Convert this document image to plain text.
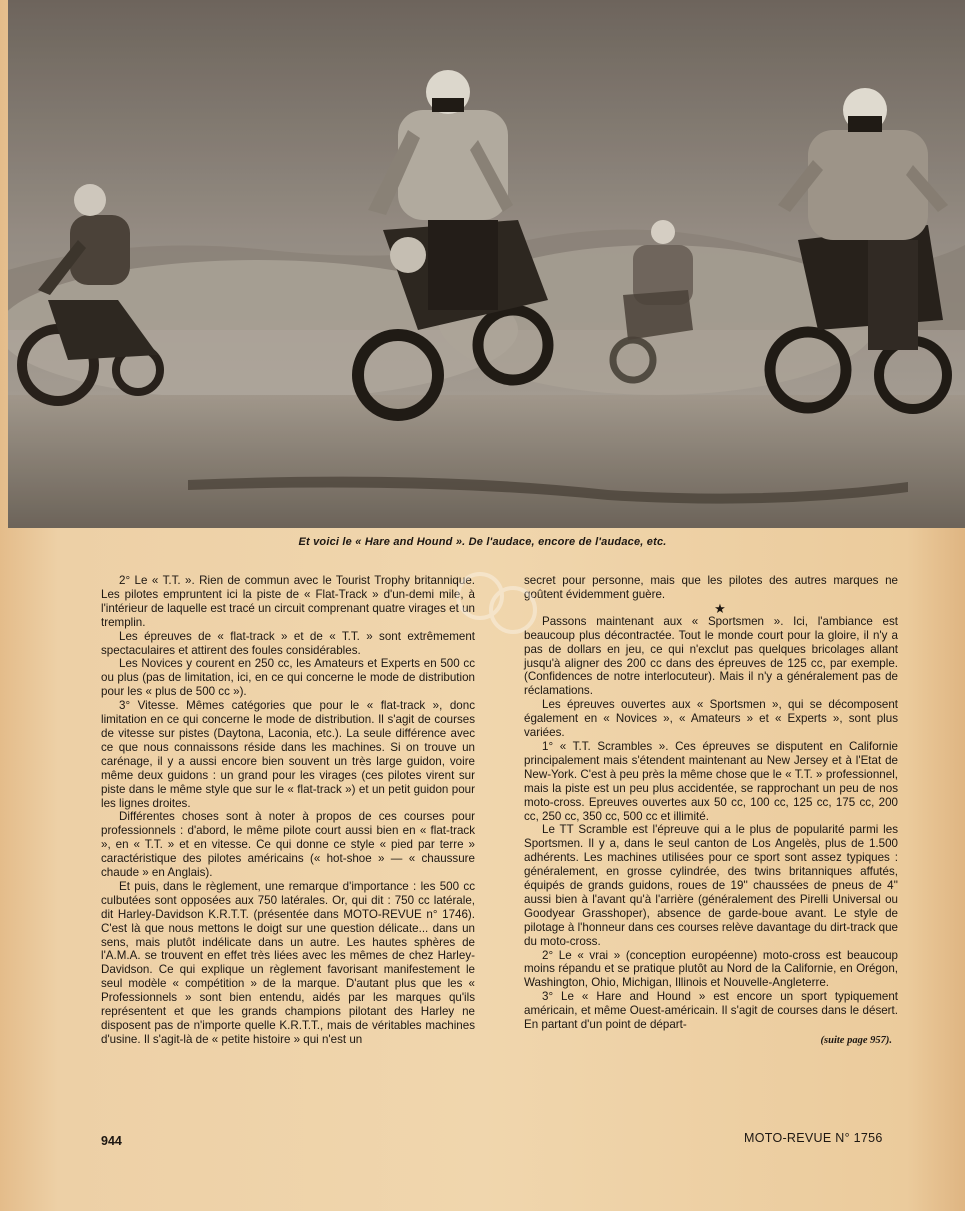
Et voici le « Hare and Hound ». De l'audace, encore de l'audace, etc.

2° Le « T.T. ». Rien de commun avec le Tourist Trophy britannique. Les pilotes empruntent ici la piste de « Flat-Track » d'un-demi mile, à l'intérieur de laquelle est tracé un circuit comprenant quatre virages et un tremplin.

Les épreuves de « flat-track » et de « T.T. » sont extrêmement spectaculaires et attirent des foules considérables.

Les Novices y courent en 250 cc, les Amateurs et Experts en 500 cc ou plus (pas de limitation, ici, en ce qui concerne le mode de distribution pour les « plus de 500 cc »).

3° Vitesse. Mêmes catégories que pour le « flat-track », donc limitation en ce qui concerne le mode de distribution. Il s'agit de courses de vitesse sur pistes (Daytona, Laconia, etc.). La seule différence avec ce que nous connaissons réside dans les machines. Si on trouve un carénage, il y a aussi encore bien souvent un très large guidon, voire même deux guidons : un grand pour les virages (ces pilotes virent sur piste dans le même style que sur le « flat-track ») et un petit guidon pour les lignes droites.

Différentes choses sont à noter à propos de ces courses pour professionnels : d'abord, le même pilote court aussi bien en « flat-track », en « T.T. » et en vitesse. Ce qui donne ce style « pied par terre » caractéristique des pilotes américains (« hot-shoe » — « chaussure chaude » en Anglais).

Et puis, dans le règlement, une remarque d'importance : les 500 cc culbutées sont opposées aux 750 latérales. Or, qui dit : 750 cc latérale, dit Harley-Davidson K.R.T.T. (présentée dans MOTO-REVUE n° 1746). C'est là que nous mettons le doigt sur une question délicate... dans un sens, mais plutôt indélicate dans un autre. Les hautes sphères de l'A.M.A. se trouvent en effet très liées avec les mêmes de chez Harley-Davidson. Ce qui explique un règlement favorisant manifestement le seul modèle « compétition » de la marque. D'autant plus que les « Professionnels » sont bien entendu, aidés par les marques qu'ils représentent et que les grands champions pilotant des Harley ne disposent pas de n'importe quelle K.R.T.T., mais de véritables machines d'usine. Il s'agit-là de « petite histoire » qui n'est un

secret pour personne, mais que les pilotes des autres marques ne goûtent évidemment guère.

★

Passons maintenant aux « Sportsmen ». Ici, l'ambiance est beaucoup plus décontractée. Tout le monde court pour la gloire, il n'y a pas de dollars en jeu, ce qui n'exclut pas quelques bricolages allant jusqu'à aligner des 200 cc dans des épreuves de 125 cc, par exemple. (Confidences de notre interlocuteur). Mais il n'y a généralement pas de réclamations.

Les épreuves ouvertes aux « Sportsmen », qui se décomposent également en « Novices », « Amateurs » et « Experts », sont plus variées.

1° « T.T. Scrambles ». Ces épreuves se disputent en Californie principalement mais s'étendent maintenant au New Jersey et à l'Etat de New-York. C'est à peu près la même chose que le « T.T. » professionnel, mais la piste est un peu plus accidentée, se rapprochant un peu de nos moto-cross. Epreuves ouvertes aux 50 cc, 100 cc, 125 cc, 175 cc, 200 cc, 250 cc, 350 cc, 500 cc et illimité.

Le TT Scramble est l'épreuve qui a le plus de popularité parmi les Sportsmen. Il y a, dans le seul canton de Los Angelès, plus de 1.500 adhérents. Les machines utilisées pour ce sport sont assez typiques : généralement, en grosse cylindrée, des twins britanniques affutés, équipés de grands guidons, roues de 19'' chaussées de pneus de 4'' aussi bien à l'avant qu'à l'arrière (généralement des Pirelli Universal ou Goodyear Grasshoper), absence de garde-boue avant. Le style de pilotage à l'honneur dans ces courses relève davantage du dirt-track que du moto-cross.

2° Le « vrai » (conception européenne) moto-cross est beaucoup moins répandu et se pratique plutôt au Nord de la Californie, en Orégon, Washington, Ohio, Michigan, Illinois et Nouvelle-Angleterre.

3° Le « Hare and Hound » est encore un sport typiquement américain, et même Ouest-américain. Il s'agit de courses dans le désert. En partant d'un point de départ-

(suite page 957).
944	MOTO-REVUE N° 1756
